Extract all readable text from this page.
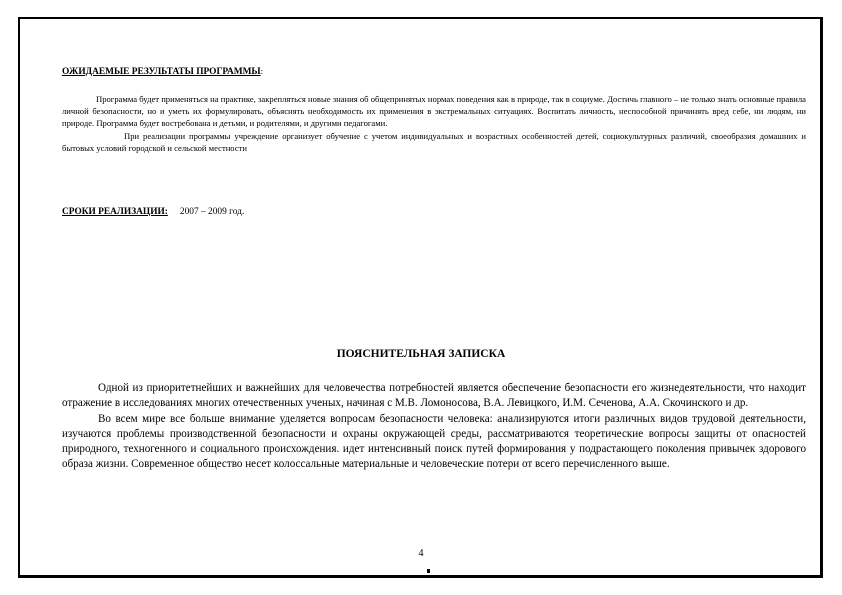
ОЖИДАЕМЫЕ РЕЗУЛЬТАТЫ ПРОГРАММЫ:

Программа будет применяться на практике, закрепляться новые знания об общепринятых нормах поведения как в природе, так в социуме. Достичь главного – не только знать основные правила личной безопасности, но и уметь их формулировать, объяснять необходимость их применения в экстремальных ситуациях. Воспитать личность, неспособной причинять вред себе, ни людям, ни природе. Программа будет востребована и детьми, и родителями, и другими педагогами.

При реализации программы учреждение организует обучение с учетом индивидуальных и возрастных особенностей детей, социокультурных различий, своеобразия домашних и бытовых условий городской и сельской местности

СРОКИ РЕАЛИЗАЦИИ: 2007 – 2009 год.
ПОЯСНИТЕЛЬНАЯ ЗАПИСКА

Одной из приоритетнейших и важнейших для человечества потребностей является обеспечение безопасности его жизнедеятельности, что находит отражение в исследованиях многих отечественных ученых, начиная с М.В. Ломоносова, В.А. Левицкого, И.М. Сеченова, А.А. Скочинского и др.

Во всем мире все больше внимание уделяется вопросам безопасности человека: анализируются итоги различных видов трудовой деятельности, изучаются проблемы производственной безопасности и охраны окружающей среды, рассматриваются теоретические вопросы защиты от опасностей природного, техногенного и социального происхождения. идет интенсивный поиск путей формирования у подрастающего поколения привычек здорового образа жизни. Современное общество несет колоссальные материальные и человеческие потери от всего перечисленного выше.

4
